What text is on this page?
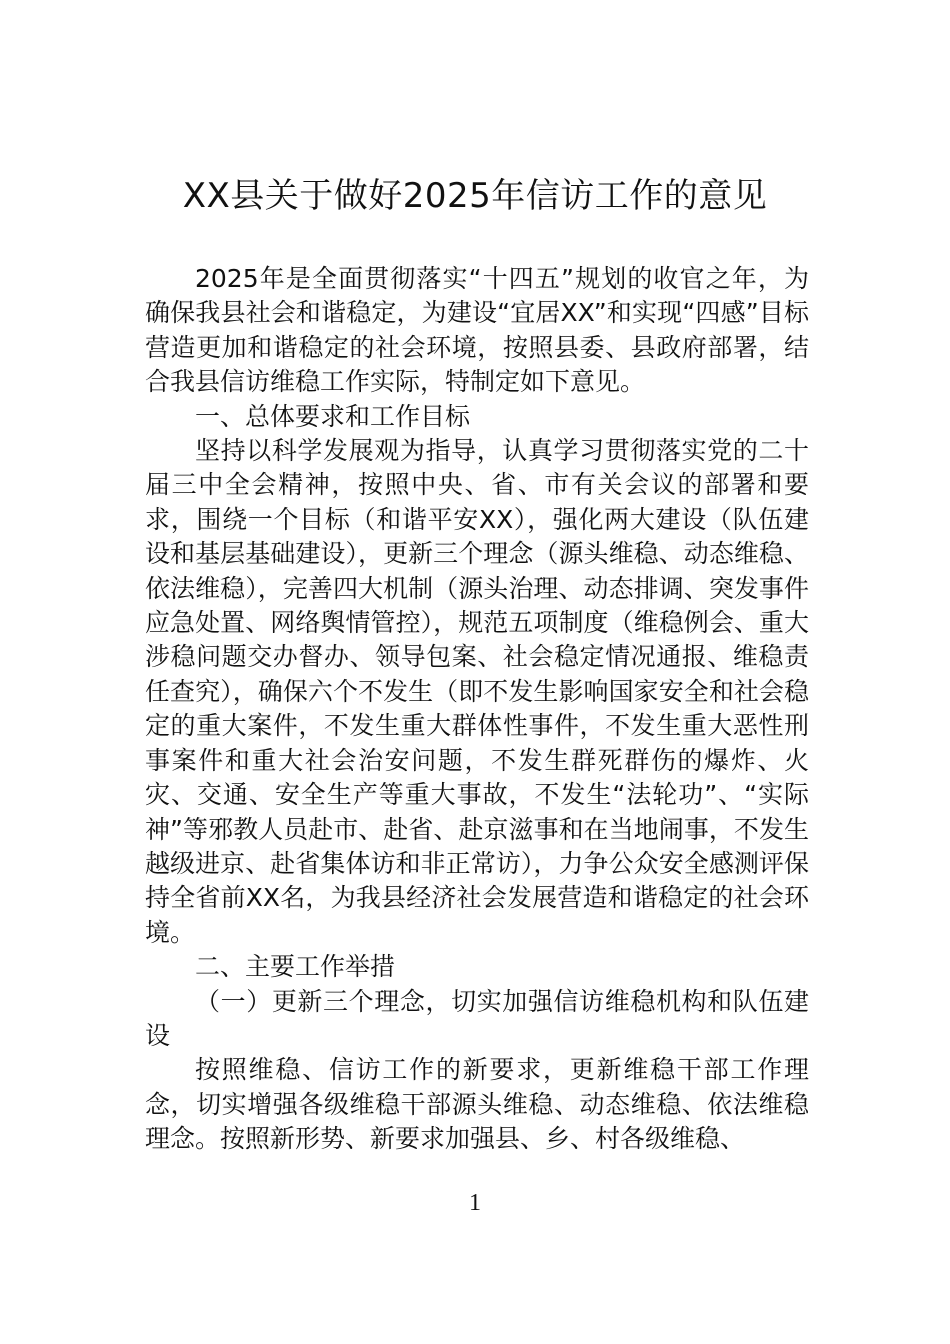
XX县关于做好2025年信访工作的意见

2025年是全面贯彻落实“十四五”规划的收官之年，为确保我县社会和谐稳定，为建设“宜居XX”和实现“四感”目标营造更加和谐稳定的社会环境，按照县委、县政府部署，结合我县信访维稳工作实际，特制定如下意见。

一、总体要求和工作目标

坚持以科学发展观为指导，认真学习贯彻落实党的二十届三中全会精神，按照中央、省、市有关会议的部署和要求，围绕一个目标（和谐平安XX），强化两大建设（队伍建设和基层基础建设），更新三个理念（源头维稳、动态维稳、依法维稳），完善四大机制（源头治理、动态排调、突发事件应急处置、网络舆情管控），规范五项制度（维稳例会、重大涉稳问题交办督办、领导包案、社会稳定情况通报、维稳责任查究），确保六个不发生（即不发生影响国家安全和社会稳定的重大案件，不发生重大群体性事件，不发生重大恶性刑事案件和重大社会治安问题，不发生群死群伤的爆炸、火灾、交通、安全生产等重大事故，不发生“法轮功”、“实际神”等邪教人员赴市、赴省、赴京滋事和在当地闹事，不发生越级进京、赴省集体访和非正常访），力争公众安全感测评保持全省前XX名，为我县经济社会发展营造和谐稳定的社会环境。

二、主要工作举措

（一）更新三个理念，切实加强信访维稳机构和队伍建设

按照维稳、信访工作的新要求，更新维稳干部工作理念，切实增强各级维稳干部源头维稳、动态维稳、依法维稳理念。按照新形势、新要求加强县、乡、村各级维稳、

1
